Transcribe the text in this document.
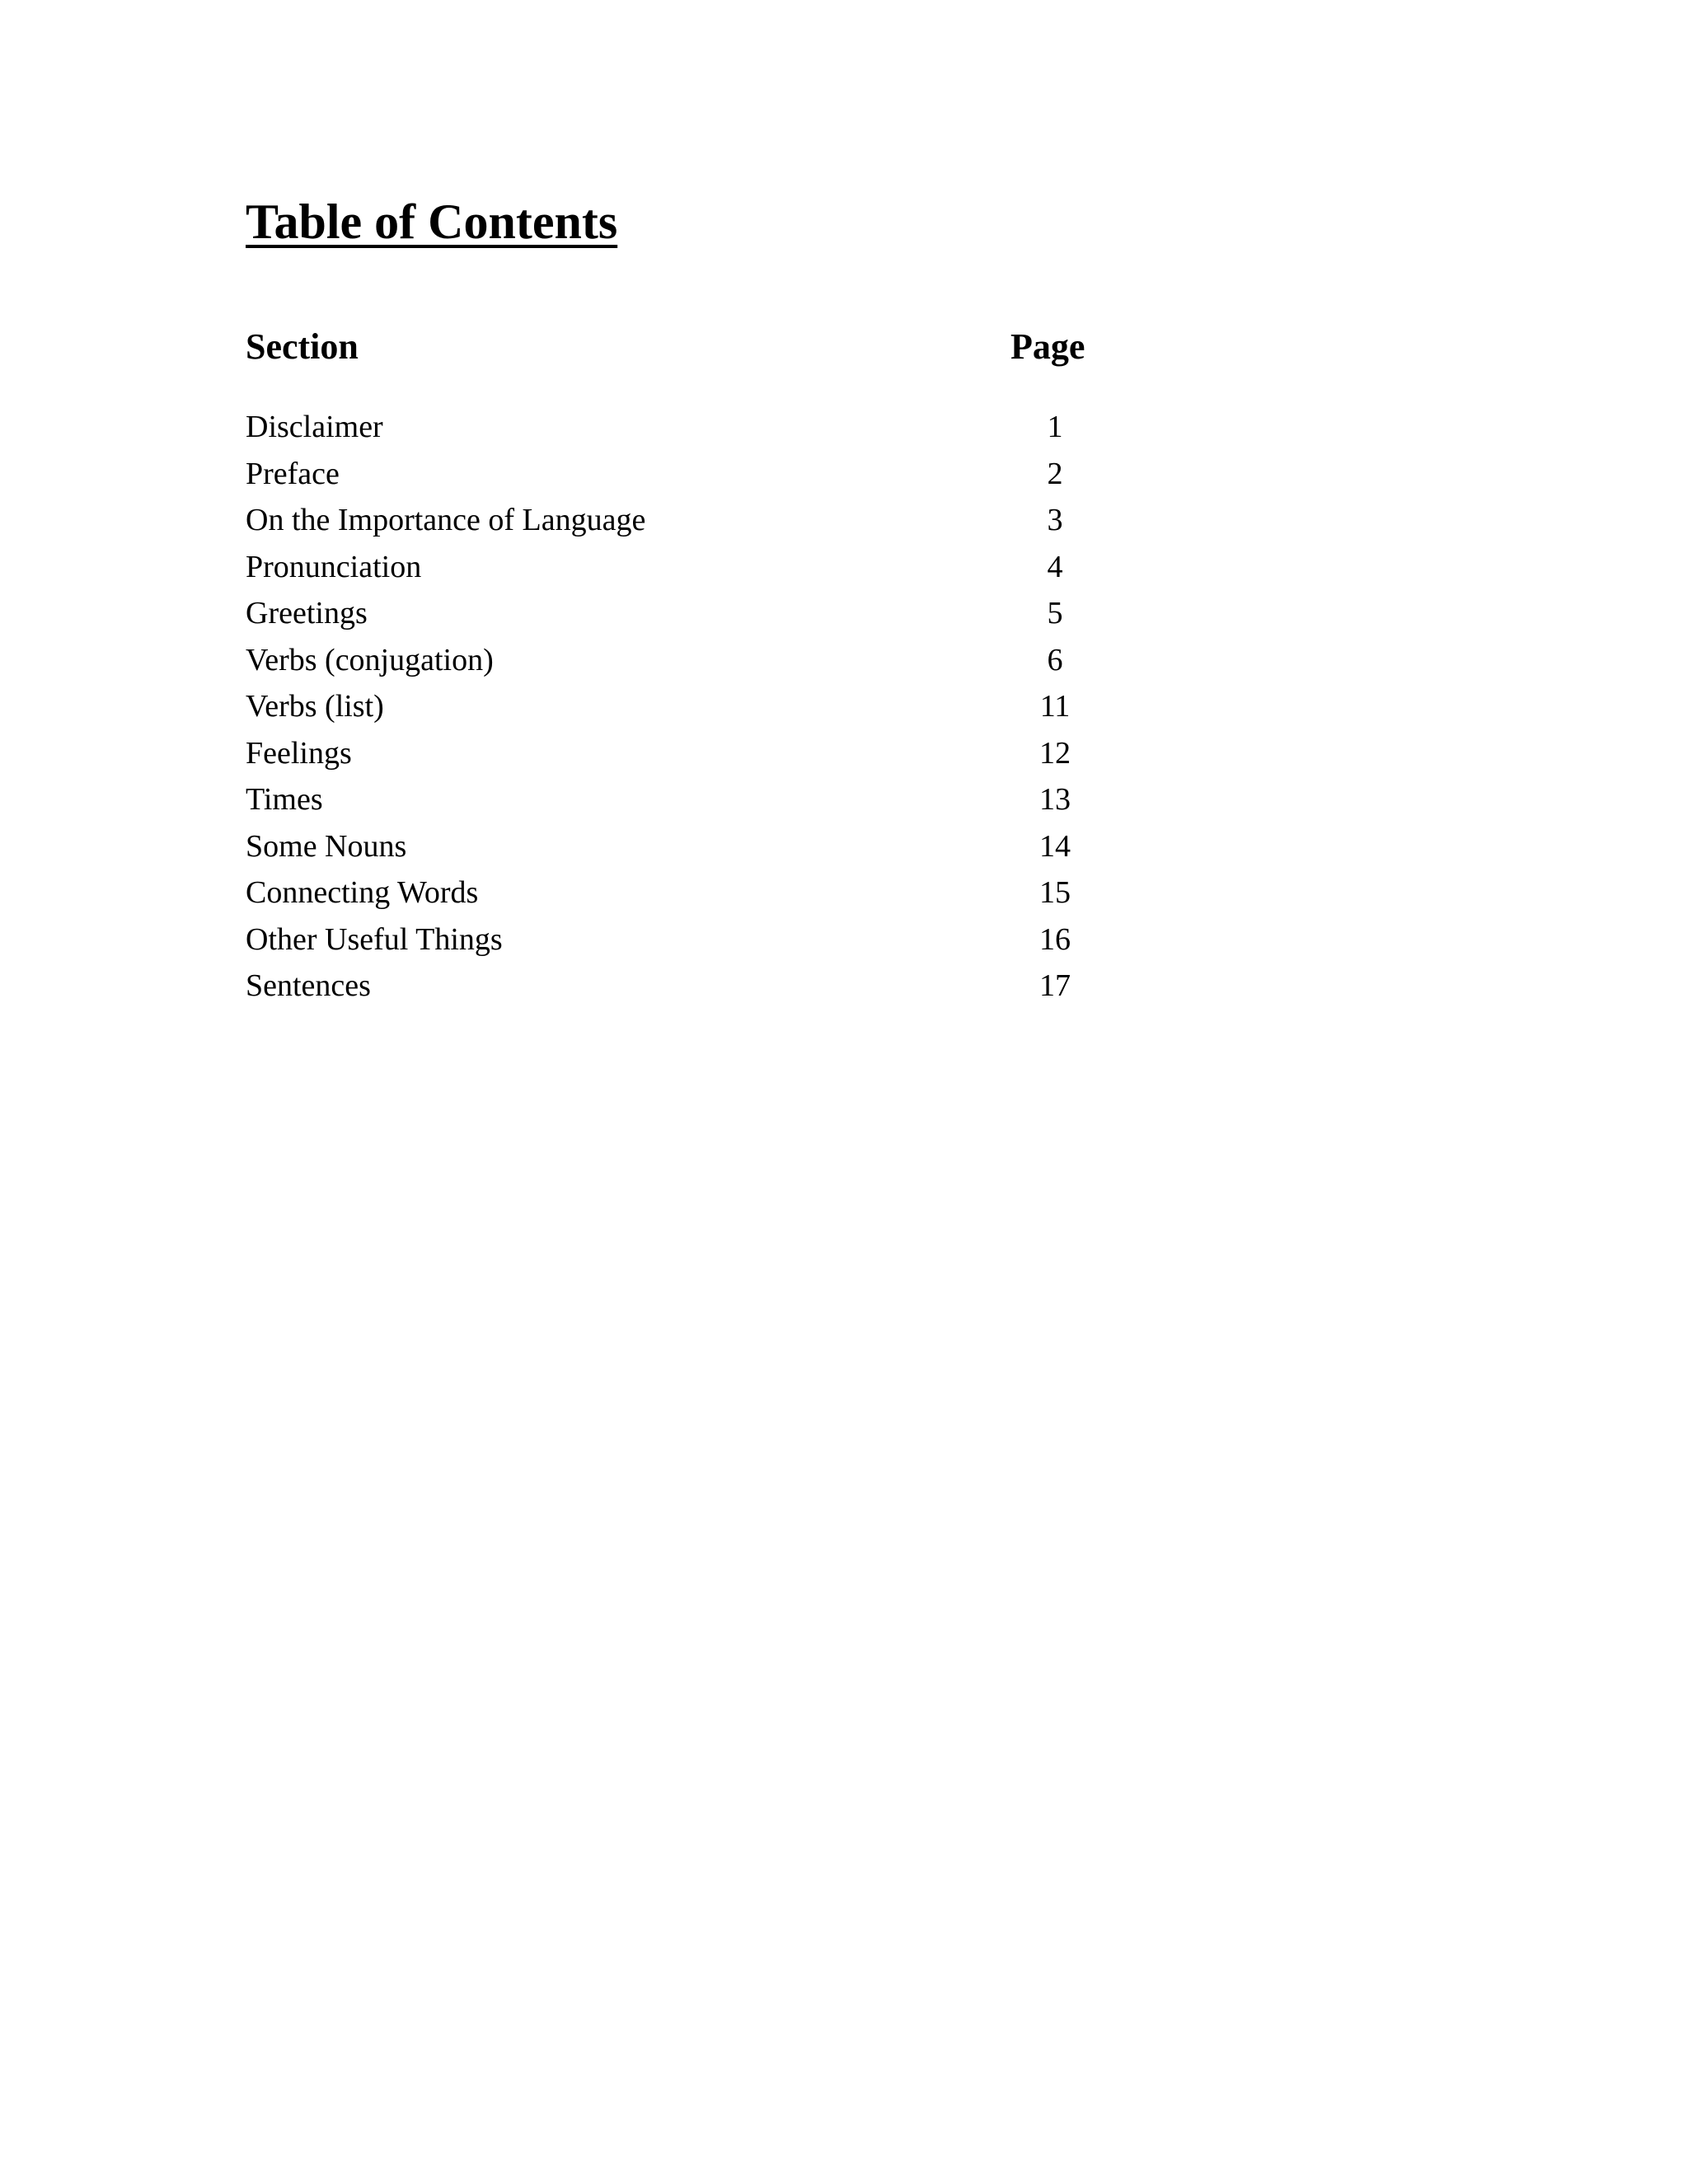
Table of Contents
Section	Page
Disclaimer	1
Preface	2
On the Importance of Language	3
Pronunciation	4
Greetings	5
Verbs (conjugation)	6
Verbs (list)	11
Feelings	12
Times	13
Some Nouns	14
Connecting Words	15
Other Useful Things	16
Sentences	17
